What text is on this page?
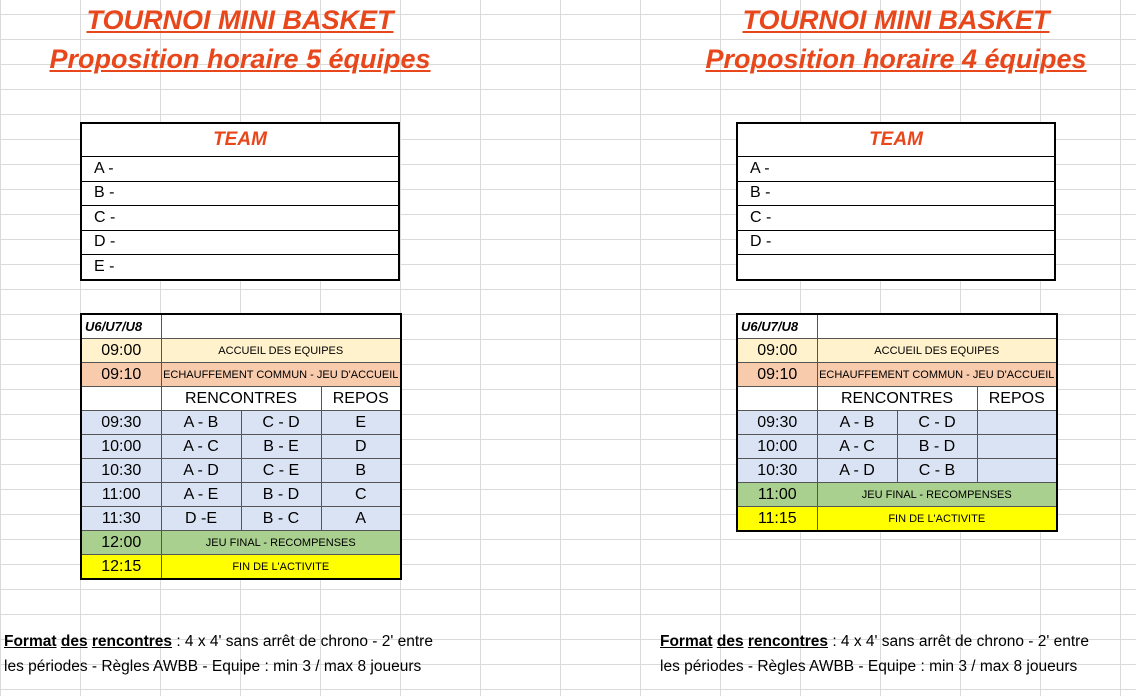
TOURNOI MINI BASKET
Proposition horaire 5 équipes
TEAM
A -
B -
C -
D -
E -
U6/U7/U8			
09:00	ACCUEIL DES EQUIPES		
09:10	ECHAUFFEMENT COMMUN - JEU D'ACCUEIL		
	RENCONTRES		REPOS
09:30	A - B	C - D	E
10:00	A - C	B - E	D
10:30	A - D	C - E	B
11:00	A - E	B - D	C
11:30	D -E	B - C	A
12:00	JEU FINAL - RECOMPENSES		
12:15	FIN DE L'ACTIVITE		
Format des rencontres : 4 x 4' sans arrêt de chrono - 2' entre
les périodes - Règles AWBB - Equipe : min 3 / max 8 joueurs
TOURNOI MINI BASKET
Proposition horaire 4 équipes
TEAM
A -
B -
C -
D -

U6/U7/U8			
09:00	ACCUEIL DES EQUIPES		
09:10	ECHAUFFEMENT COMMUN - JEU D'ACCUEIL		
	RENCONTRES		REPOS
09:30	A - B	C - D	
10:00	A - C	B - D	
10:30	A - D	C - B	
11:00	JEU FINAL - RECOMPENSES		
11:15	FIN DE L'ACTIVITE		
Format des rencontres : 4 x 4' sans arrêt de chrono - 2' entre
les périodes - Règles AWBB - Equipe : min 3 / max 8 joueurs
